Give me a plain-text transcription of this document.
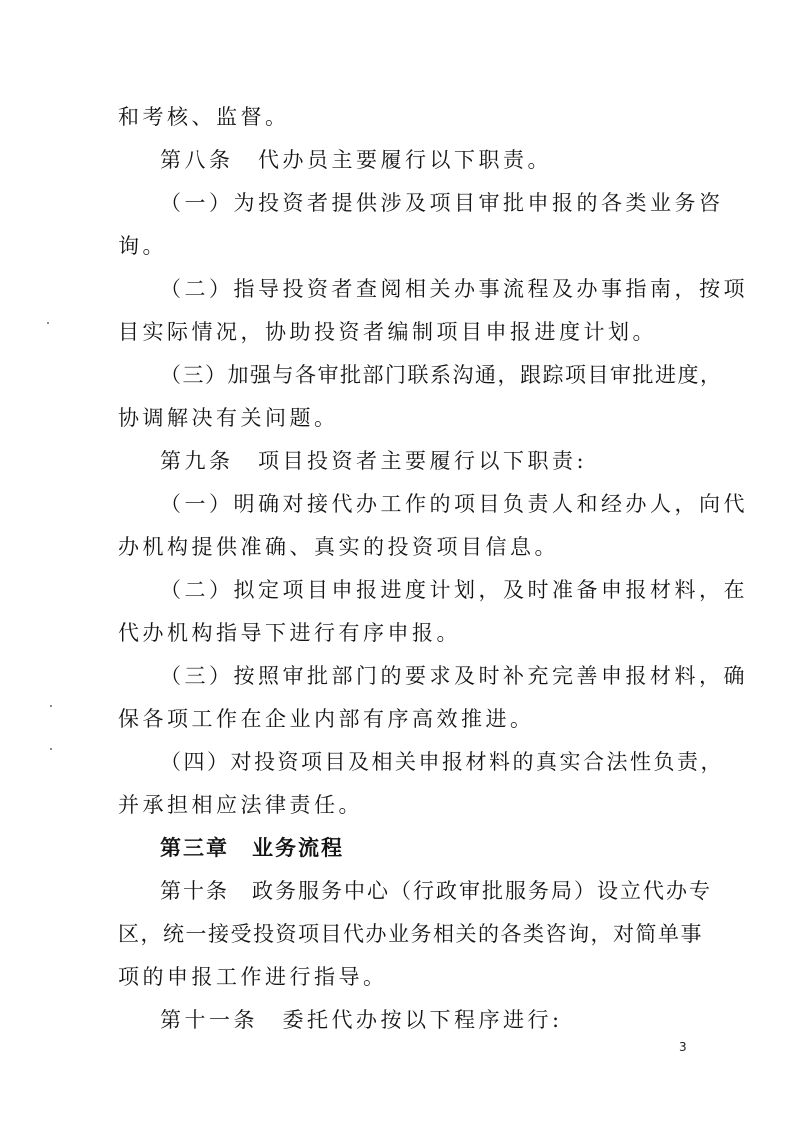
和考核、监督。
第八条　代办员主要履行以下职责。
（一）为投资者提供涉及项目审批申报的各类业务咨
询。
（二）指导投资者查阅相关办事流程及办事指南，按项
目实际情况，协助投资者编制项目申报进度计划。
（三）加强与各审批部门联系沟通，跟踪项目审批进度，
协调解决有关问题。
第九条　项目投资者主要履行以下职责:
（一）明确对接代办工作的项目负责人和经办人，向代
办机构提供准确、真实的投资项目信息。
（二）拟定项目申报进度计划，及时准备申报材料，在
代办机构指导下进行有序申报。
（三）按照审批部门的要求及时补充完善申报材料，确
保各项工作在企业内部有序高效推进。
（四）对投资项目及相关申报材料的真实合法性负责，
并承担相应法律责任。
第三章　业务流程
第十条　政务服务中心（行政审批服务局）设立代办专
区，统一接受投资项目代办业务相关的各类咨询，对简单事
项的申报工作进行指导。
第十一条　委托代办按以下程序进行:
3
